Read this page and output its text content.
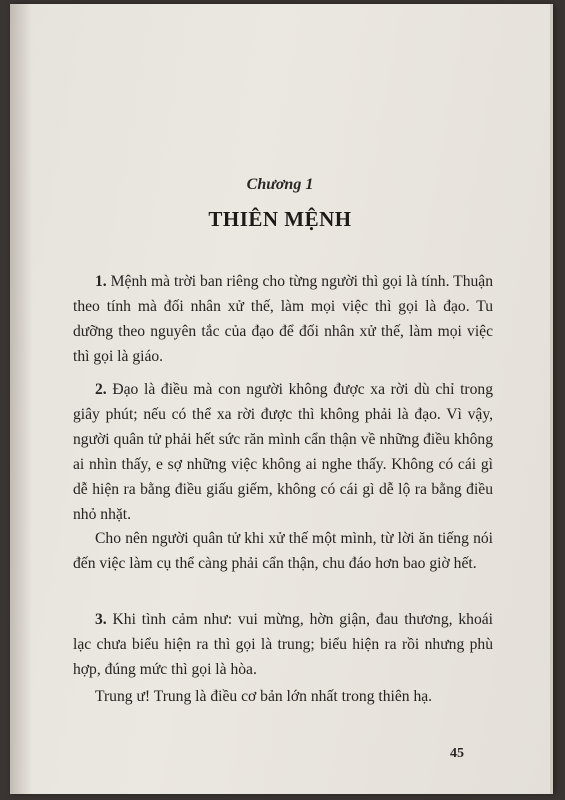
Chương 1
THIÊN MỆNH

1. Mệnh mà trời ban riêng cho từng người thì gọi là tính. Thuận theo tính mà đối nhân xử thế, làm mọi việc thì gọi là đạo. Tu dưỡng theo nguyên tắc của đạo để đối nhân xử thế, làm mọi việc thì gọi là giáo.

2. Đạo là điều mà con người không được xa rời dù chỉ trong giây phút; nếu có thể xa rời được thì không phải là đạo. Vì vậy, người quân tử phải hết sức răn mình cẩn thận về những điều không ai nhìn thấy, e sợ những việc không ai nghe thấy. Không có cái gì dễ hiện ra bằng điều giấu giếm, không có cái gì dễ lộ ra bằng điều nhỏ nhặt.

Cho nên người quân tử khi xử thế một mình, từ lời ăn tiếng nói đến việc làm cụ thể càng phải cẩn thận, chu đáo hơn bao giờ hết.

3. Khi tình cảm như: vui mừng, hờn giận, đau thương, khoái lạc chưa biểu hiện ra thì gọi là trung; biểu hiện ra rồi nhưng phù hợp, đúng mức thì gọi là hòa.

Trung ư! Trung là điều cơ bản lớn nhất trong thiên hạ.

45
